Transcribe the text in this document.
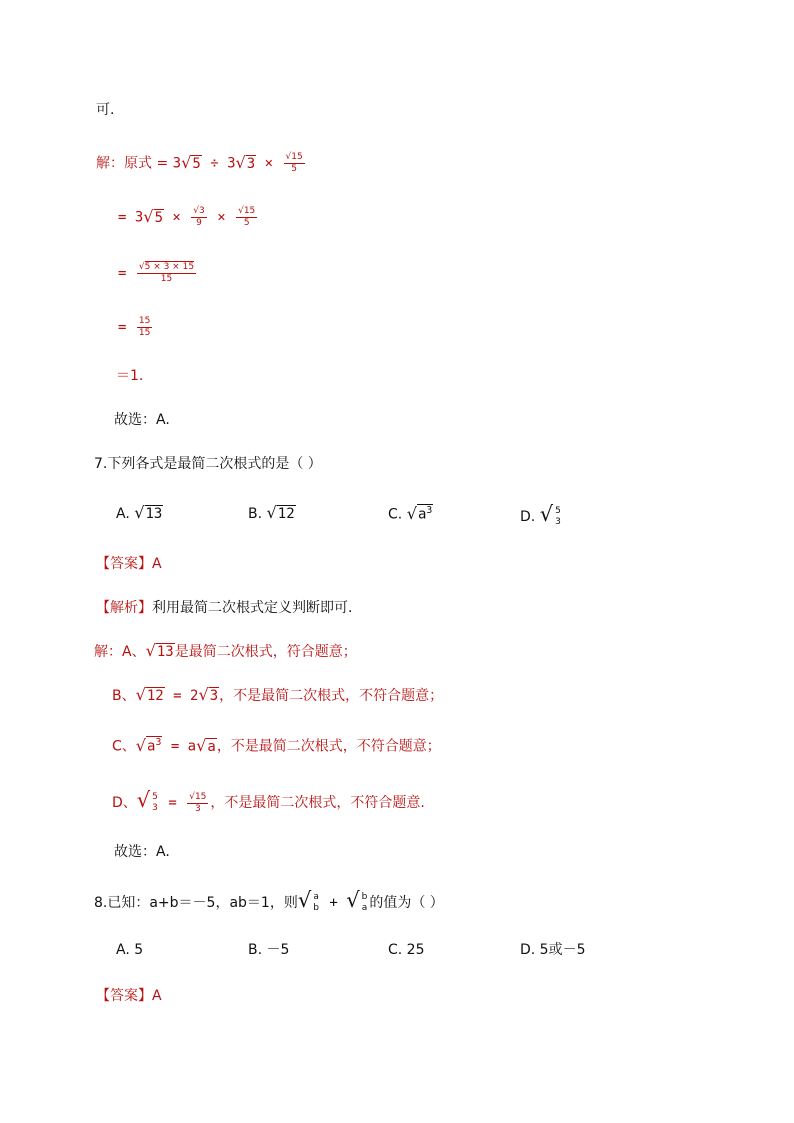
可.
解：原式 = $3√5 \div 3√3 \times \frac{√15}{5}$
= $3√5 \times \frac{√3}{9} \times \frac{√15}{5}$
= $\frac{√5 \times 3 \times 15}{15}$
= $\frac{15}{15}$
＝1.
故选：A.
7.下列各式是最简二次根式的是（ ）
A. √13	B. √12	C. $√a^3$	D. √ 5
3
【答案】A
【解析】利用最简二次根式定义判断即可.
解：A、√13是最简二次根式，符合题意；
B、√12 = 2√3，不是最简二次根式，不符合题意；
C、$√a^3 = a√a$，不是最简二次根式，不符合题意；
D、√ 5
$3 = \frac{√15}{3}$ ，不是最简二次根式，不符合题意.
故选：A.
8.已知：a+b＝－5，ab＝1，则√ a
b + √ b
a 的值为（ ）
A. 5	B. －5	C. 25	D. 5或－5
【答案】A
